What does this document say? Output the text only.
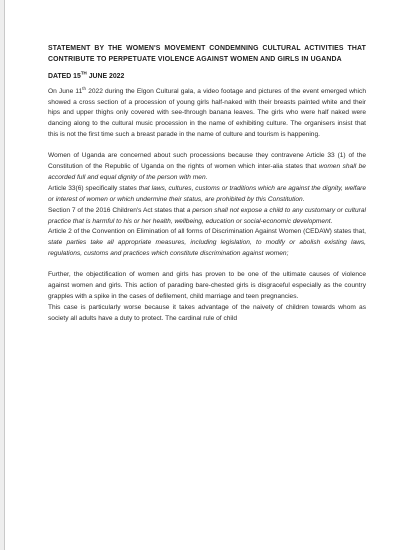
STATEMENT BY THE WOMEN'S MOVEMENT CONDEMNING CULTURAL ACTIVITIES THAT CONTRIBUTE TO PERPETUATE VIOLENCE AGAINST WOMEN AND GIRLS IN UGANDA

DATED 15TH JUNE 2022

On June 11th 2022 during the Elgon Cultural gala, a video footage and pictures of the event emerged which showed a cross section of a procession of young girls half-naked with their breasts painted white and their hips and upper thighs only covered with see-through banana leaves. The girls who were half naked were dancing along to the cultural music procession in the name of exhibiting culture. The organisers insist that this is not the first time such a breast parade in the name of culture and tourism is happening.

Women of Uganda are concerned about such processions because they contravene Article 33 (1) of the Constitution of the Republic of Uganda on the rights of women which inter-alia states that women shall be accorded full and equal dignity of the person with men.

Article 33(6) specifically states that laws, cultures, customs or traditions which are against the dignity, welfare or interest of women or which undermine their status, are prohibited by this Constitution.

Section 7 of the 2016 Children's Act states that a person shall not expose a child to any customary or cultural practice that is harmful to his or her health, wellbeing, education or social-economic development.

Article 2 of the Convention on Elimination of all forms of Discrimination Against Women (CEDAW) states that, state parties take all appropriate measures, including legislation, to modify or abolish existing laws, regulations, customs and practices which constitute discrimination against women;

Further, the objectification of women and girls has proven to be one of the ultimate causes of violence against women and girls. This action of parading bare-chested girls is disgraceful especially as the country grapples with a spike in the cases of defilement, child marriage and teen pregnancies.

This case is particularly worse because it takes advantage of the naivety of children towards whom as society all adults have a duty to protect. The cardinal rule of child
